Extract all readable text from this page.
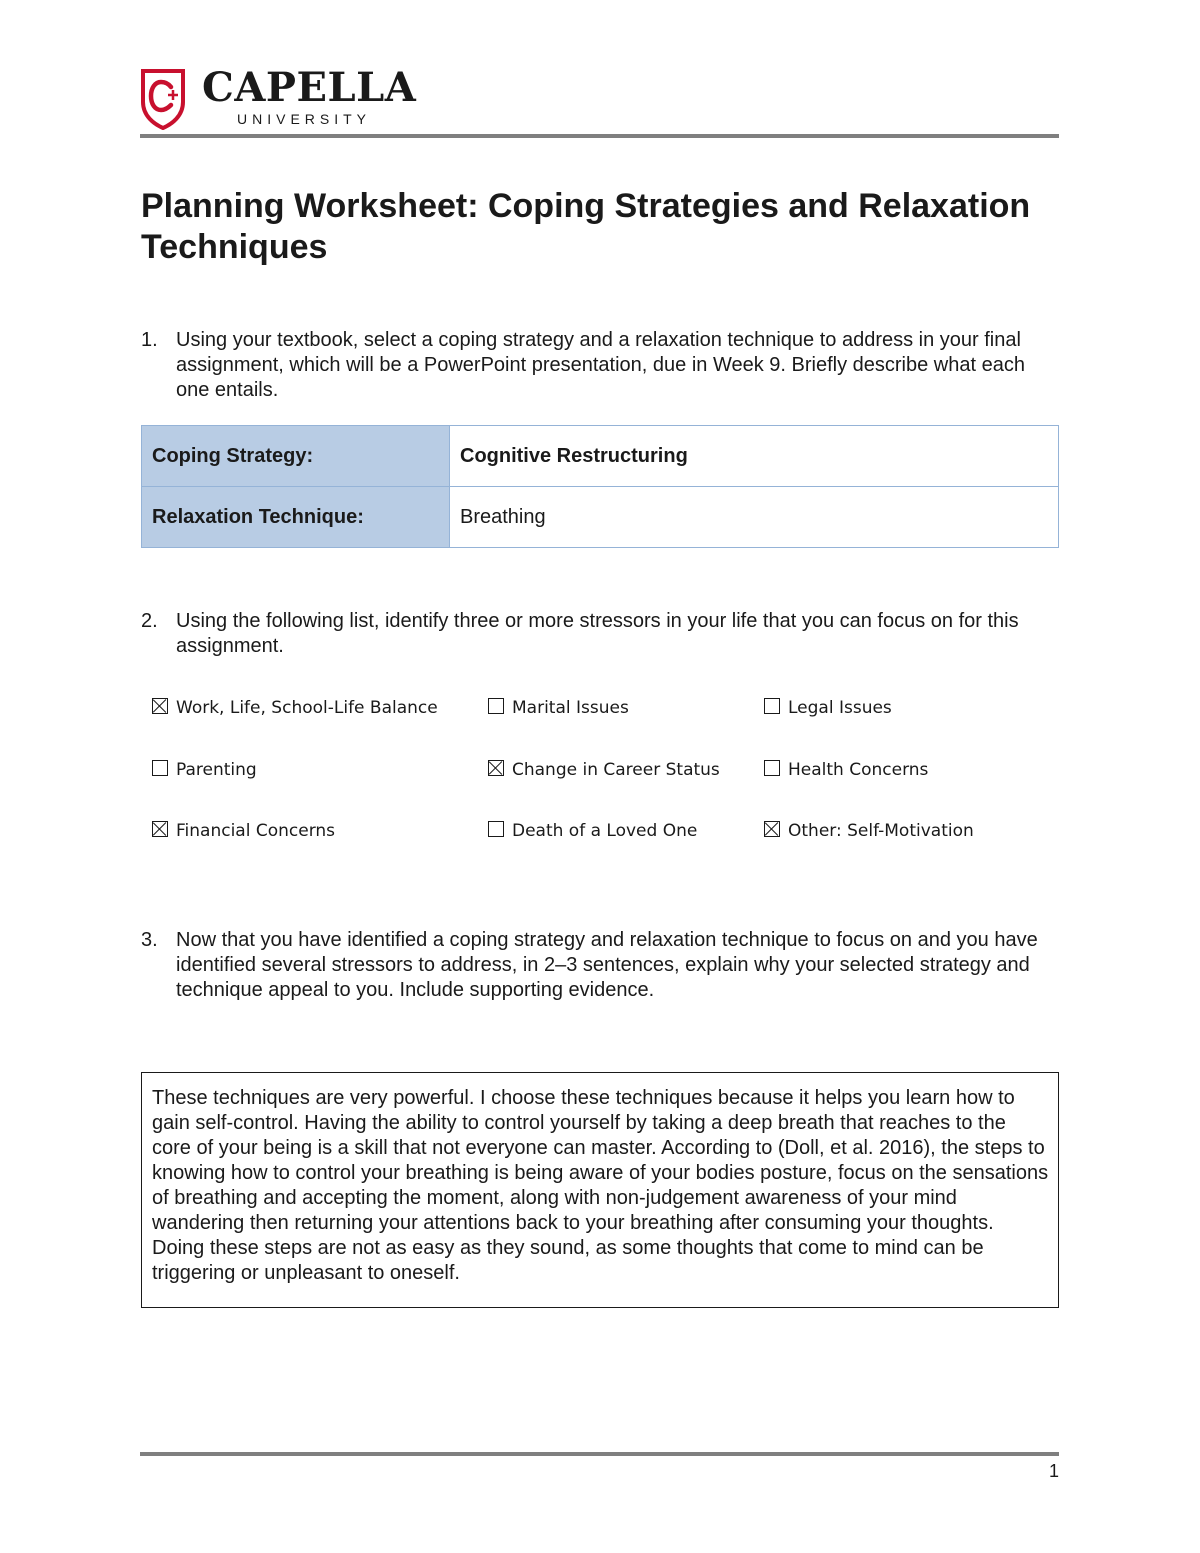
CAPELLA
UNIVERSITY
Planning Worksheet: Coping Strategies and Relaxation Techniques
1. Using your textbook, select a coping strategy and a relaxation technique to address in your final assignment, which will be a PowerPoint presentation, due in Week 9. Briefly describe what each one entails.
Coping Strategy:	Cognitive Restructuring
Relaxation Technique:	Breathing
2. Using the following list, identify three or more stressors in your life that you can focus on for this assignment.
Work, Life, School-Life Balance	Marital Issues	Legal Issues
Parenting	Change in Career Status	Health Concerns
Financial Concerns	Death of a Loved One	Other: Self-Motivation
3. Now that you have identified a coping strategy and relaxation technique to focus on and you have identified several stressors to address, in 2–3 sentences, explain why your selected strategy and technique appeal to you. Include supporting evidence.

These techniques are very powerful. I choose these techniques because it helps you learn how to gain self-control. Having the ability to control yourself by taking a deep breath that reaches to the core of your being is a skill that not everyone can master. According to (Doll, et al. 2016), the steps to knowing how to control your breathing is being aware of your bodies posture, focus on the sensations of breathing and accepting the moment, along with non-judgement awareness of your mind wandering then returning your attentions back to your breathing after consuming your thoughts. Doing these steps are not as easy as they sound, as some thoughts that come to mind can be triggering or unpleasant to oneself.

1
